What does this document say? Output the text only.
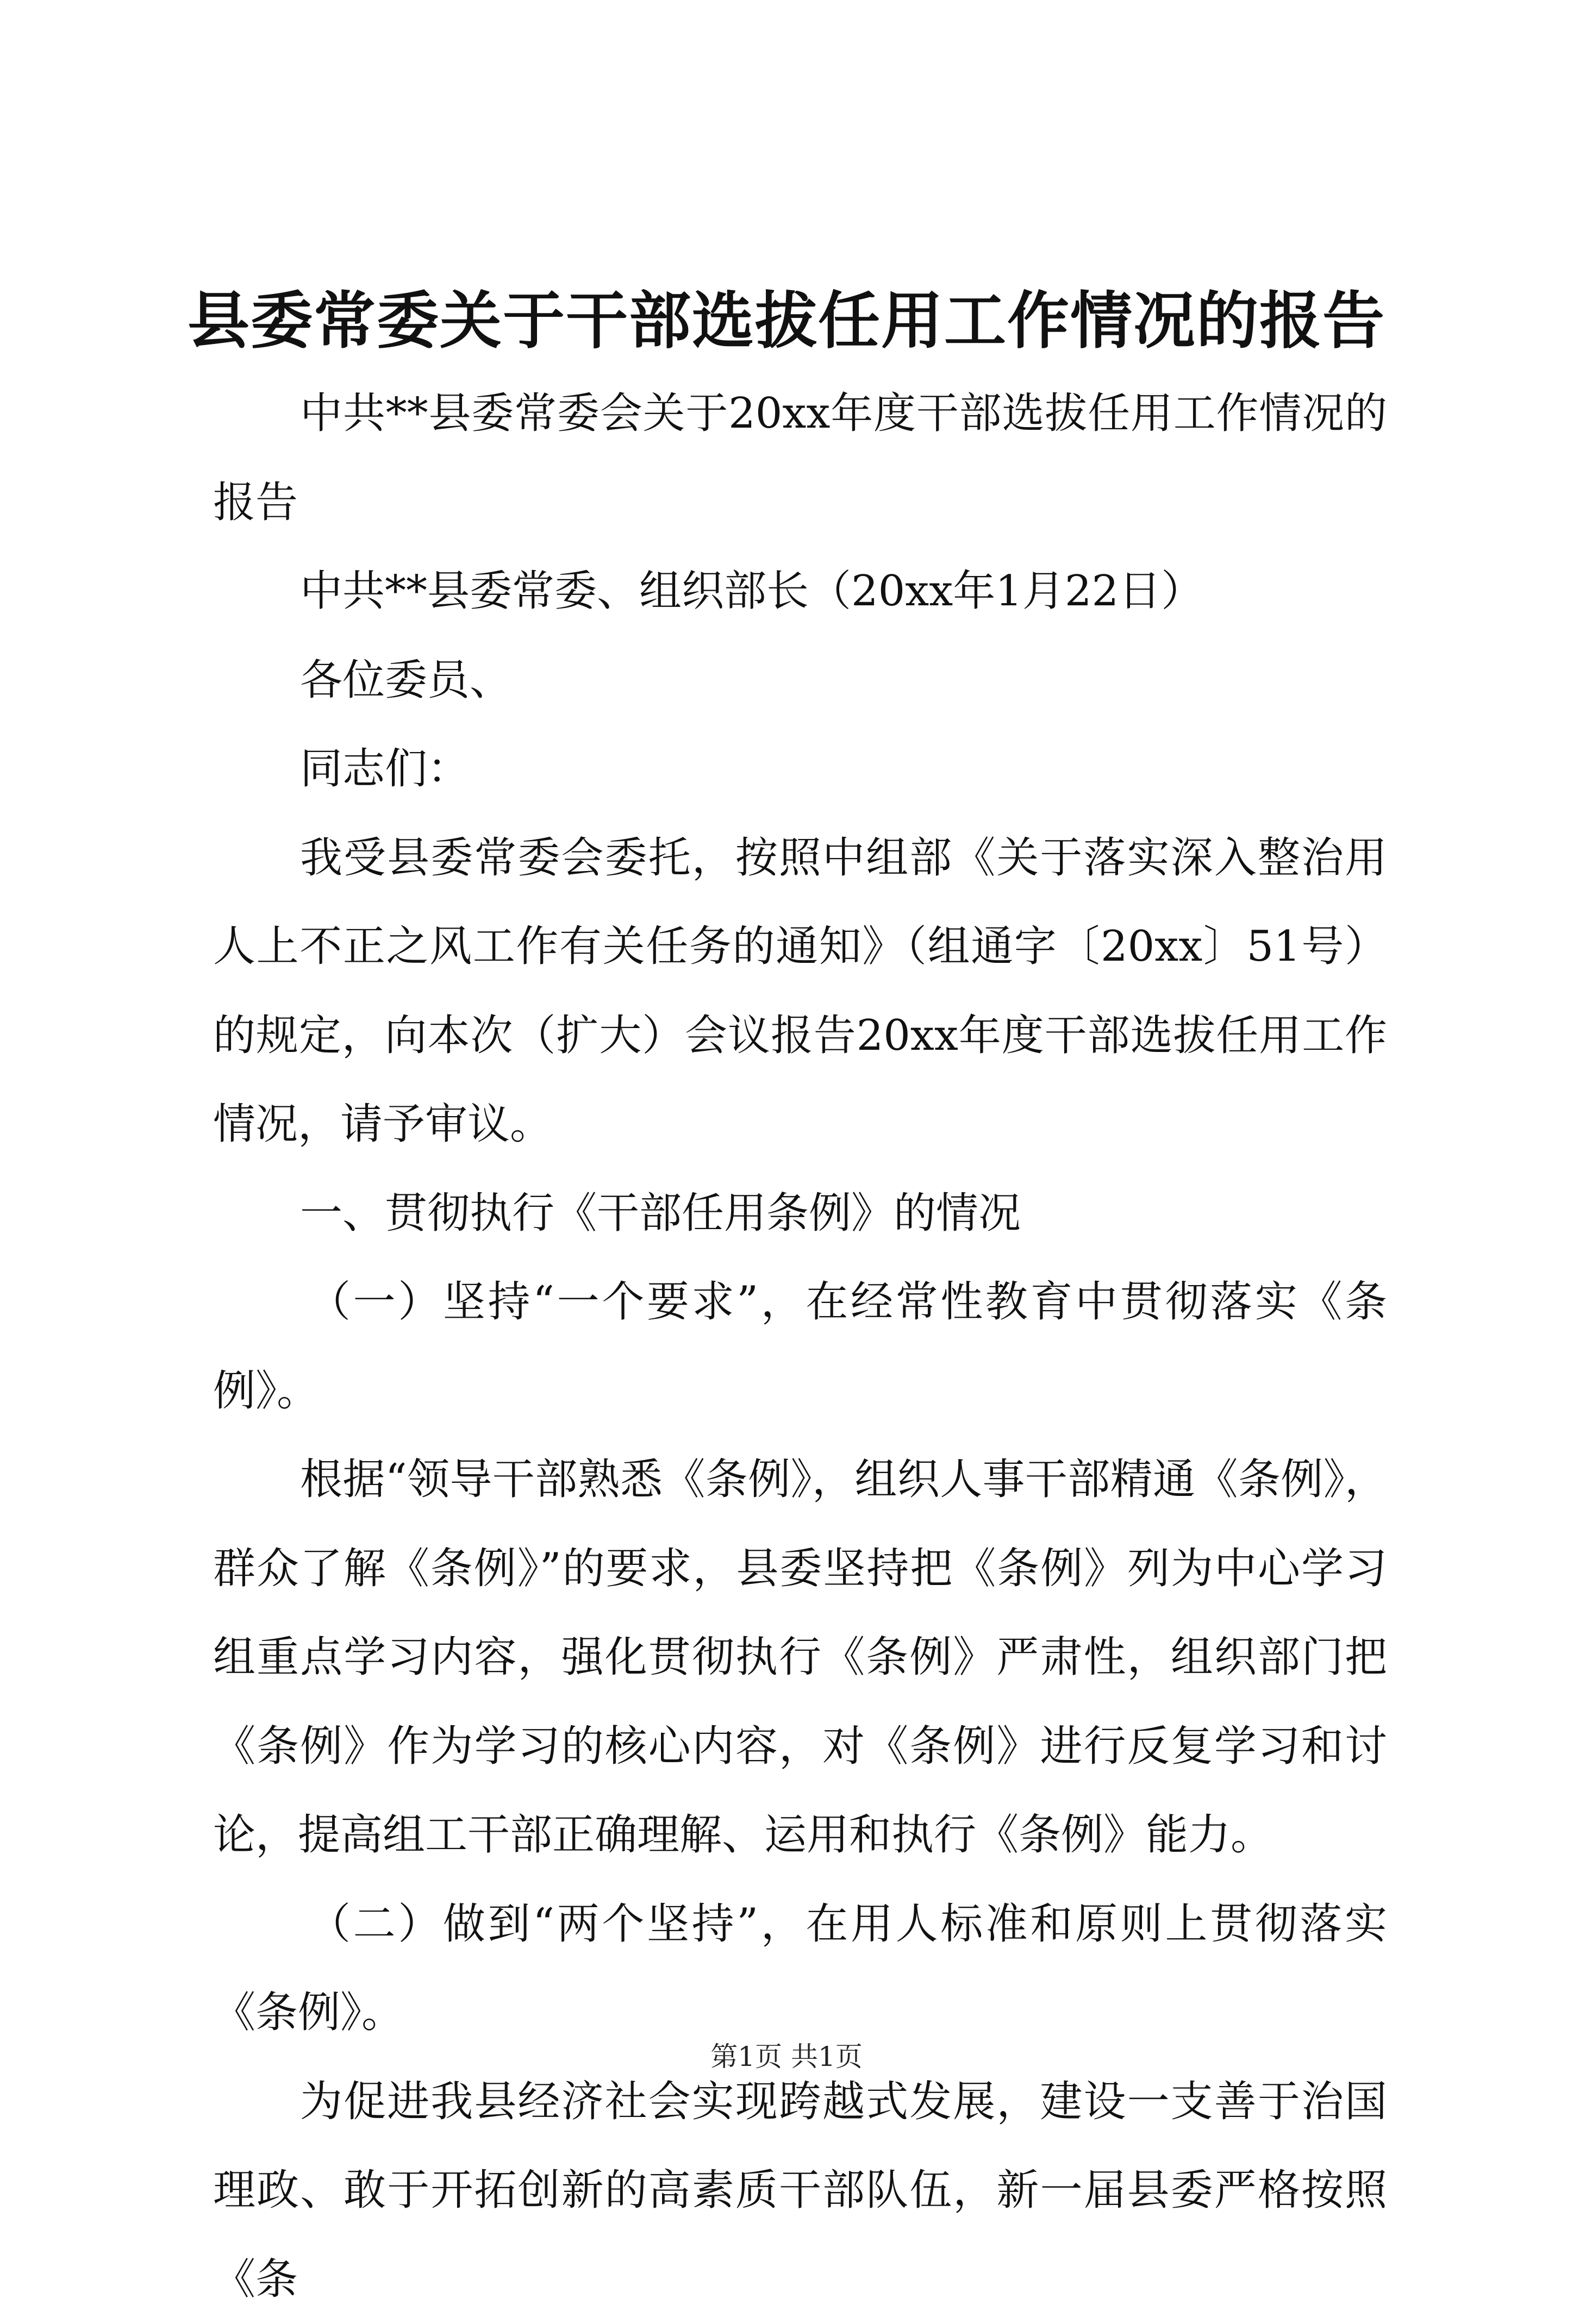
县委常委关于干部选拔任用工作情况的报告

中共**县委常委会关于20xx年度干部选拔任用工作情况的报告

中共**县委常委、组织部长（20xx年1月22日）

各位委员、

同志们：

我受县委常委会委托，按照中组部《关于落实深入整治用人上不正之风工作有关任务的通知》（组通字〔20xx〕51号）的规定，向本次（扩大）会议报告20xx年度干部选拔任用工作情况，请予审议。

一、贯彻执行《干部任用条例》的情况

（一）坚持“一个要求”，在经常性教育中贯彻落实《条例》。

根据“领导干部熟悉《条例》，组织人事干部精通《条例》，群众了解《条例》”的要求，县委坚持把《条例》列为中心学习组重点学习内容，强化贯彻执行《条例》严肃性，组织部门把《条例》作为学习的核心内容，对《条例》进行反复学习和讨论，提高组工干部正确理解、运用和执行《条例》能力。

（二）做到“两个坚持”，在用人标准和原则上贯彻落实《条例》。

为促进我县经济社会实现跨越式发展，建设一支善于治国理政、敢于开拓创新的高素质干部队伍，新一届县委严格按照《条

第1页 共1页
